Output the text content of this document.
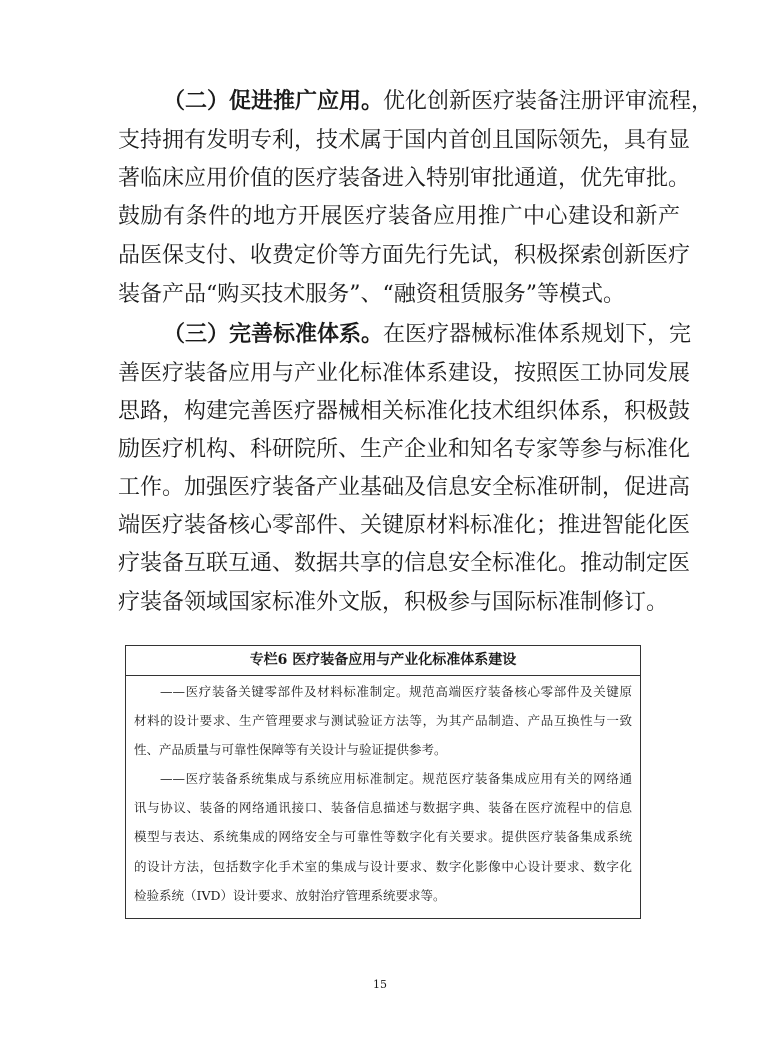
（二）促进推广应用。优化创新医疗装备注册评审流程，
支持拥有发明专利，技术属于国内首创且国际领先，具有显
著临床应用价值的医疗装备进入特别审批通道，优先审批。
鼓励有条件的地方开展医疗装备应用推广中心建设和新产
品医保支付、收费定价等方面先行先试，积极探索创新医疗
装备产品“购买技术服务”、“融资租赁服务”等模式。
（三）完善标准体系。在医疗器械标准体系规划下，完
善医疗装备应用与产业化标准体系建设，按照医工协同发展
思路，构建完善医疗器械相关标准化技术组织体系，积极鼓
励医疗机构、科研院所、生产企业和知名专家等参与标准化
工作。加强医疗装备产业基础及信息安全标准研制，促进高
端医疗装备核心零部件、关键原材料标准化；推进智能化医
疗装备互联互通、数据共享的信息安全标准化。推动制定医
疗装备领域国家标准外文版，积极参与国际标准制修订。
专栏6 医疗装备应用与产业化标准体系建设
——医疗装备关键零部件及材料标准制定。规范高端医疗装备核心零部件及关键原
材料的设计要求、生产管理要求与测试验证方法等，为其产品制造、产品互换性与一致
性、产品质量与可靠性保障等有关设计与验证提供参考。
——医疗装备系统集成与系统应用标准制定。规范医疗装备集成应用有关的网络通
讯与协议、装备的网络通讯接口、装备信息描述与数据字典、装备在医疗流程中的信息
模型与表达、系统集成的网络安全与可靠性等数字化有关要求。提供医疗装备集成系统
的设计方法，包括数字化手术室的集成与设计要求、数字化影像中心设计要求、数字化
检验系统（IVD）设计要求、放射治疗管理系统要求等。
15
